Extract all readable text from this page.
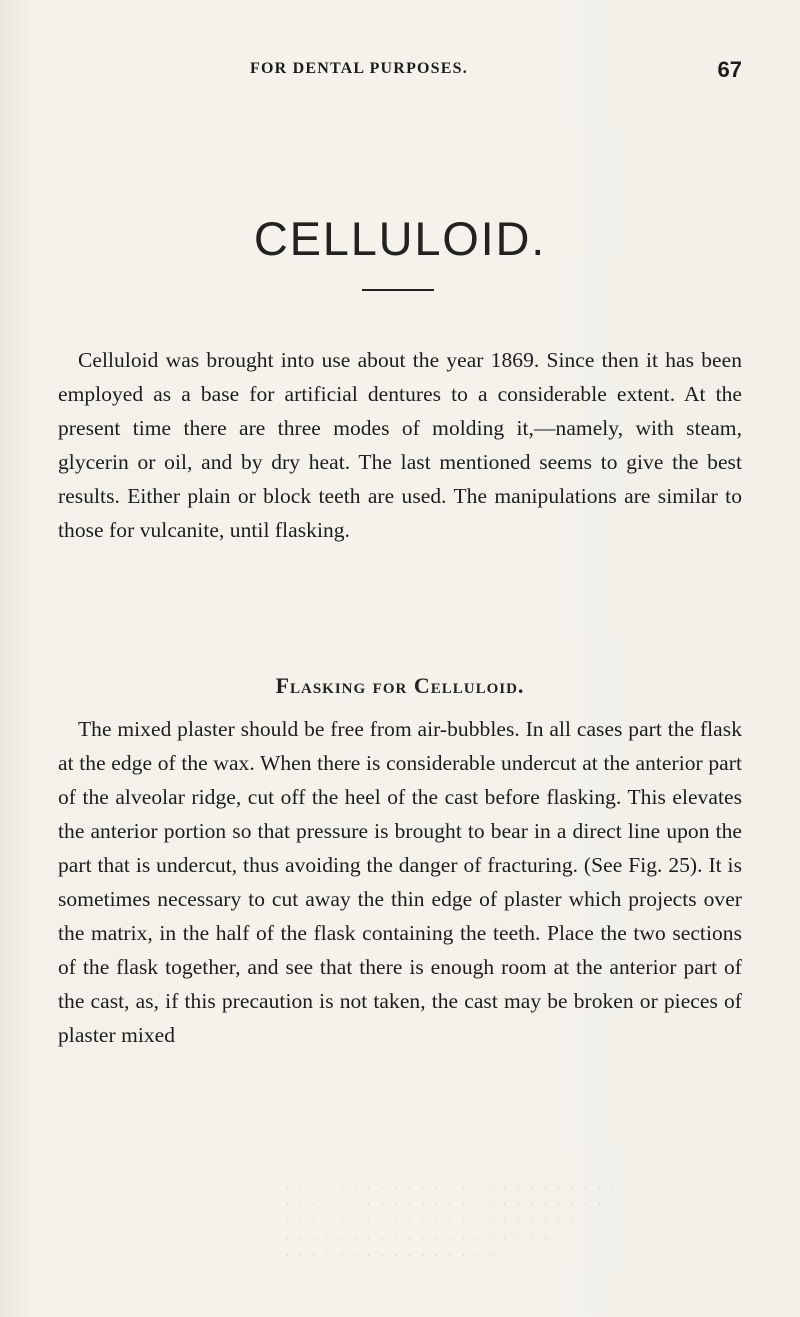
FOR DENTAL PURPOSES.	67
CELLULOID.

Celluloid was brought into use about the year 1869. Since then it has been employed as a base for artificial dentures to a considerable extent. At the present time there are three modes of molding it,—namely, with steam, glycerin or oil, and by dry heat. The last mentioned seems to give the best results. Either plain or block teeth are used. The manipulations are similar to those for vulcanite, until flasking.

Flasking for Celluloid.

The mixed plaster should be free from air-bubbles. In all cases part the flask at the edge of the wax. When there is considerable undercut at the anterior part of the alveolar ridge, cut off the heel of the cast before flasking. This elevates the anterior portion so that pressure is brought to bear in a direct line upon the part that is undercut, thus avoiding the danger of fracturing. (See Fig. 25). It is sometimes necessary to cut away the thin edge of plaster which projects over the matrix, in the half of the flask containing the teeth. Place the two sections of the flask together, and see that there is enough room at the anterior part of the cast, as, if this precaution is not taken, the cast may be broken or pieces of plaster mixed

˙ ˙ ˙ ˙ ˙ ˙ ˙ ˙ ˙ ˙ ˙ ˙ ˙ ˙ ˙ ˙ ˙ ˙ ˙ ˙ ˙ ˙ ˙ ˙ ˙
˙ ˙ ˙ ˙ ˙ ˙ ˙ ˙ ˙ ˙ ˙ ˙ ˙ ˙ ˙ ˙ ˙ ˙ ˙ ˙ ˙ ˙ ˙ ˙
˙ ˙ ˙ ˙ ˙ ˙ ˙ ˙ ˙ ˙ ˙ ˙ ˙ ˙ ˙ ˙ ˙ ˙ ˙ ˙ ˙ ˙
˙ ˙ ˙ ˙ ˙ ˙ ˙ ˙ ˙ ˙ ˙ ˙ ˙ ˙ ˙ ˙ ˙ ˙ ˙ ˙
˙ ˙ ˙ ˙ ˙ ˙ ˙ ˙ ˙ ˙ ˙ ˙ ˙ ˙ ˙ ˙
